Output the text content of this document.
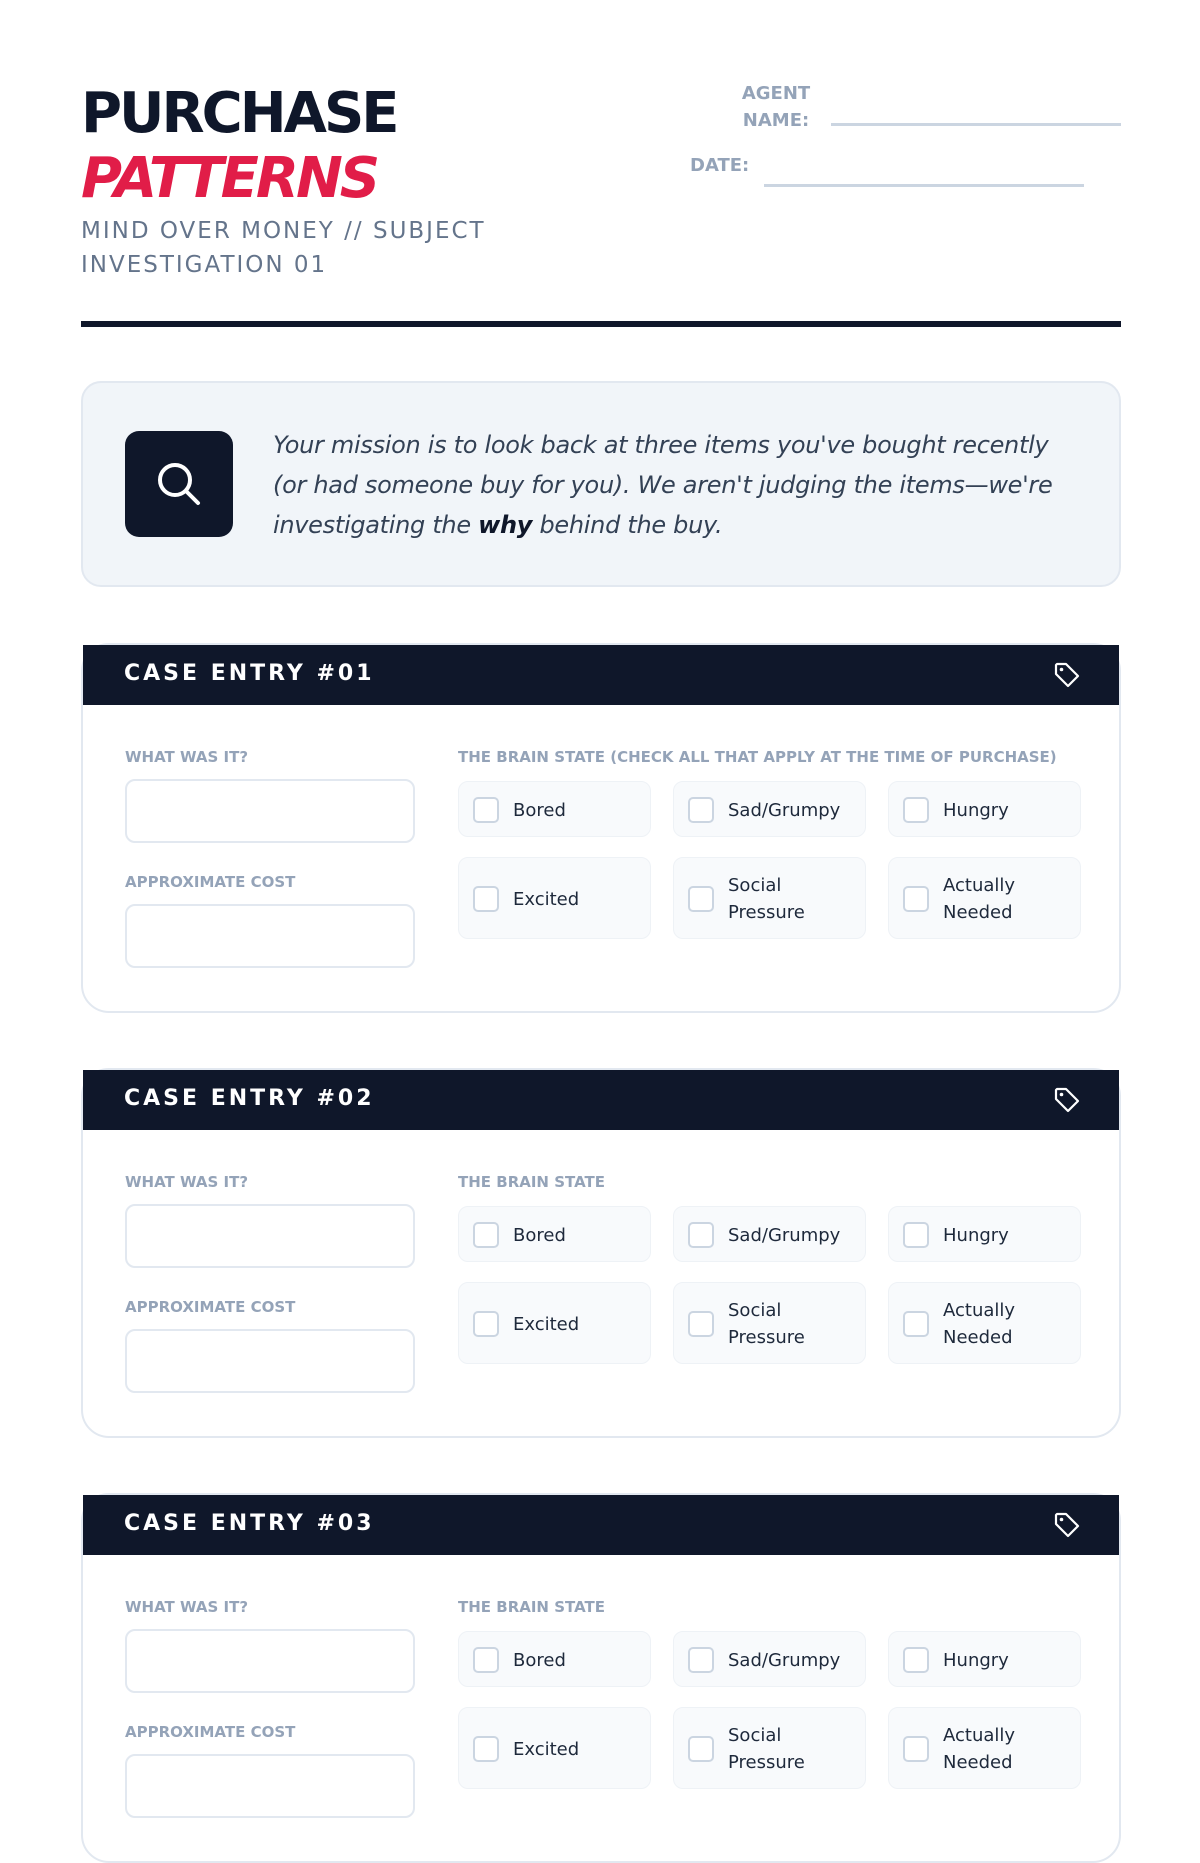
PURCHASE
PATTERNS
MIND OVER MONEY // SUBJECT INVESTIGATION 01
AGENT NAME:
DATE:

Your mission is to look back at three items you've bought recently (or had someone buy for you). We aren't judging the items—we're investigating the why behind the buy.

CASE ENTRY #01
WHAT WAS IT?
APPROXIMATE COST
THE BRAIN STATE (CHECK ALL THAT APPLY AT THE TIME OF PURCHASE)
Bored	Sad/Grumpy	Hungry
Excited
Social Pressure
Actually Needed
CASE ENTRY #02
WHAT WAS IT?
APPROXIMATE COST
THE BRAIN STATE
Bored	Sad/Grumpy	Hungry
Excited
Social Pressure
Actually Needed
CASE ENTRY #03
WHAT WAS IT?
APPROXIMATE COST
THE BRAIN STATE
Bored	Sad/Grumpy	Hungry
Excited
Social Pressure
Actually Needed
